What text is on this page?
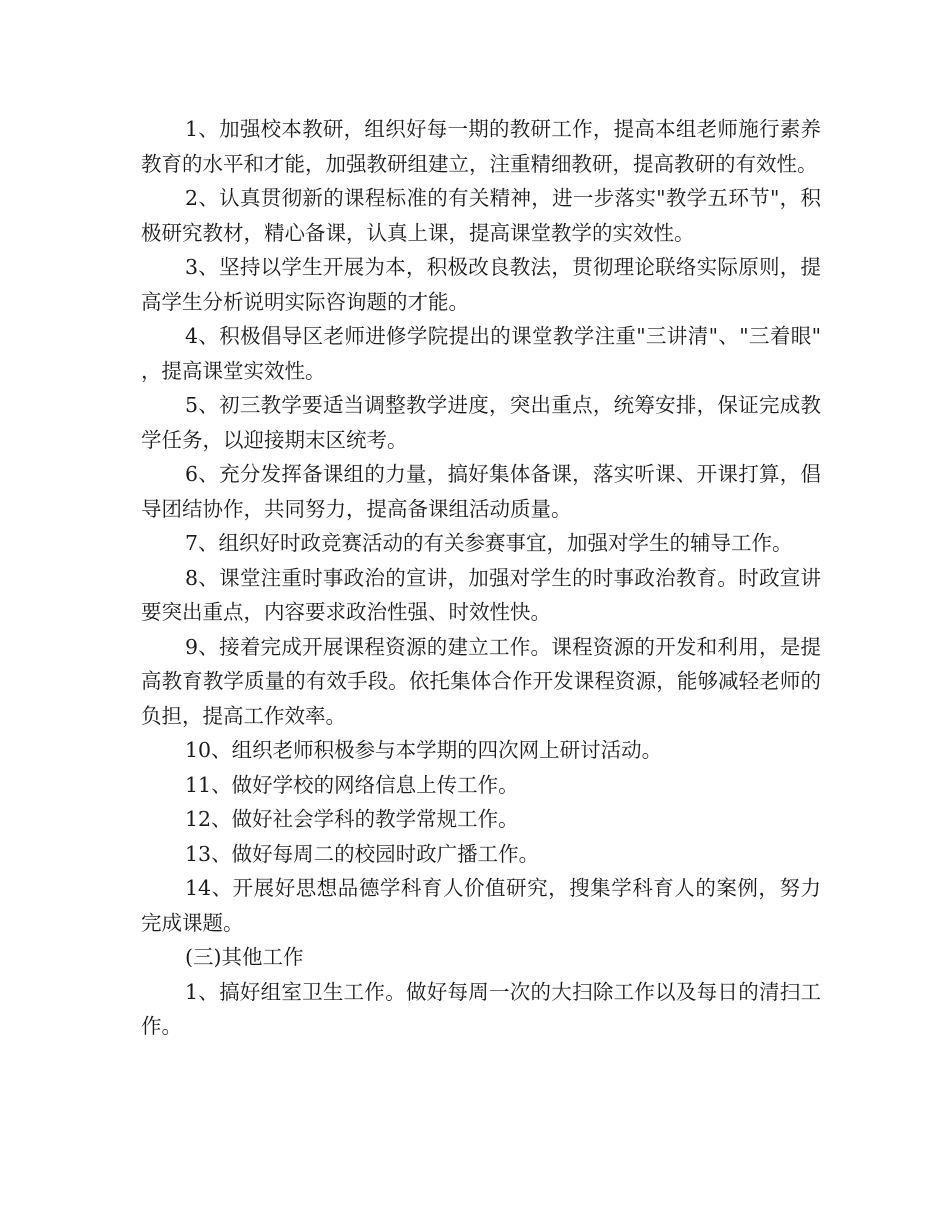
1、加强校本教研，组织好每一期的教研工作，提高本组老师施行素养教育的水平和才能，加强教研组建立，注重精细教研，提高教研的有效性。

2、认真贯彻新的课程标准的有关精神，进一步落实"教学五环节"，积极研究教材，精心备课，认真上课，提高课堂教学的实效性。

3、坚持以学生开展为本，积极改良教法，贯彻理论联络实际原则，提高学生分析说明实际咨询题的才能。

4、积极倡导区老师进修学院提出的课堂教学注重"三讲清"、"三着眼"，提高课堂实效性。

5、初三教学要适当调整教学进度，突出重点，统筹安排，保证完成教学任务，以迎接期末区统考。

6、充分发挥备课组的力量，搞好集体备课，落实听课、开课打算，倡导团结协作，共同努力，提高备课组活动质量。

7、组织好时政竞赛活动的有关参赛事宜，加强对学生的辅导工作。

8、课堂注重时事政治的宣讲，加强对学生的时事政治教育。时政宣讲要突出重点，内容要求政治性强、时效性快。

9、接着完成开展课程资源的建立工作。课程资源的开发和利用，是提高教育教学质量的有效手段。依托集体合作开发课程资源，能够减轻老师的负担，提高工作效率。

10、组织老师积极参与本学期的四次网上研讨活动。

11、做好学校的网络信息上传工作。

12、做好社会学科的教学常规工作。

13、做好每周二的校园时政广播工作。

14、开展好思想品德学科育人价值研究，搜集学科育人的案例，努力完成课题。

(三)其他工作

1、搞好组室卫生工作。做好每周一次的大扫除工作以及每日的清扫工作。
